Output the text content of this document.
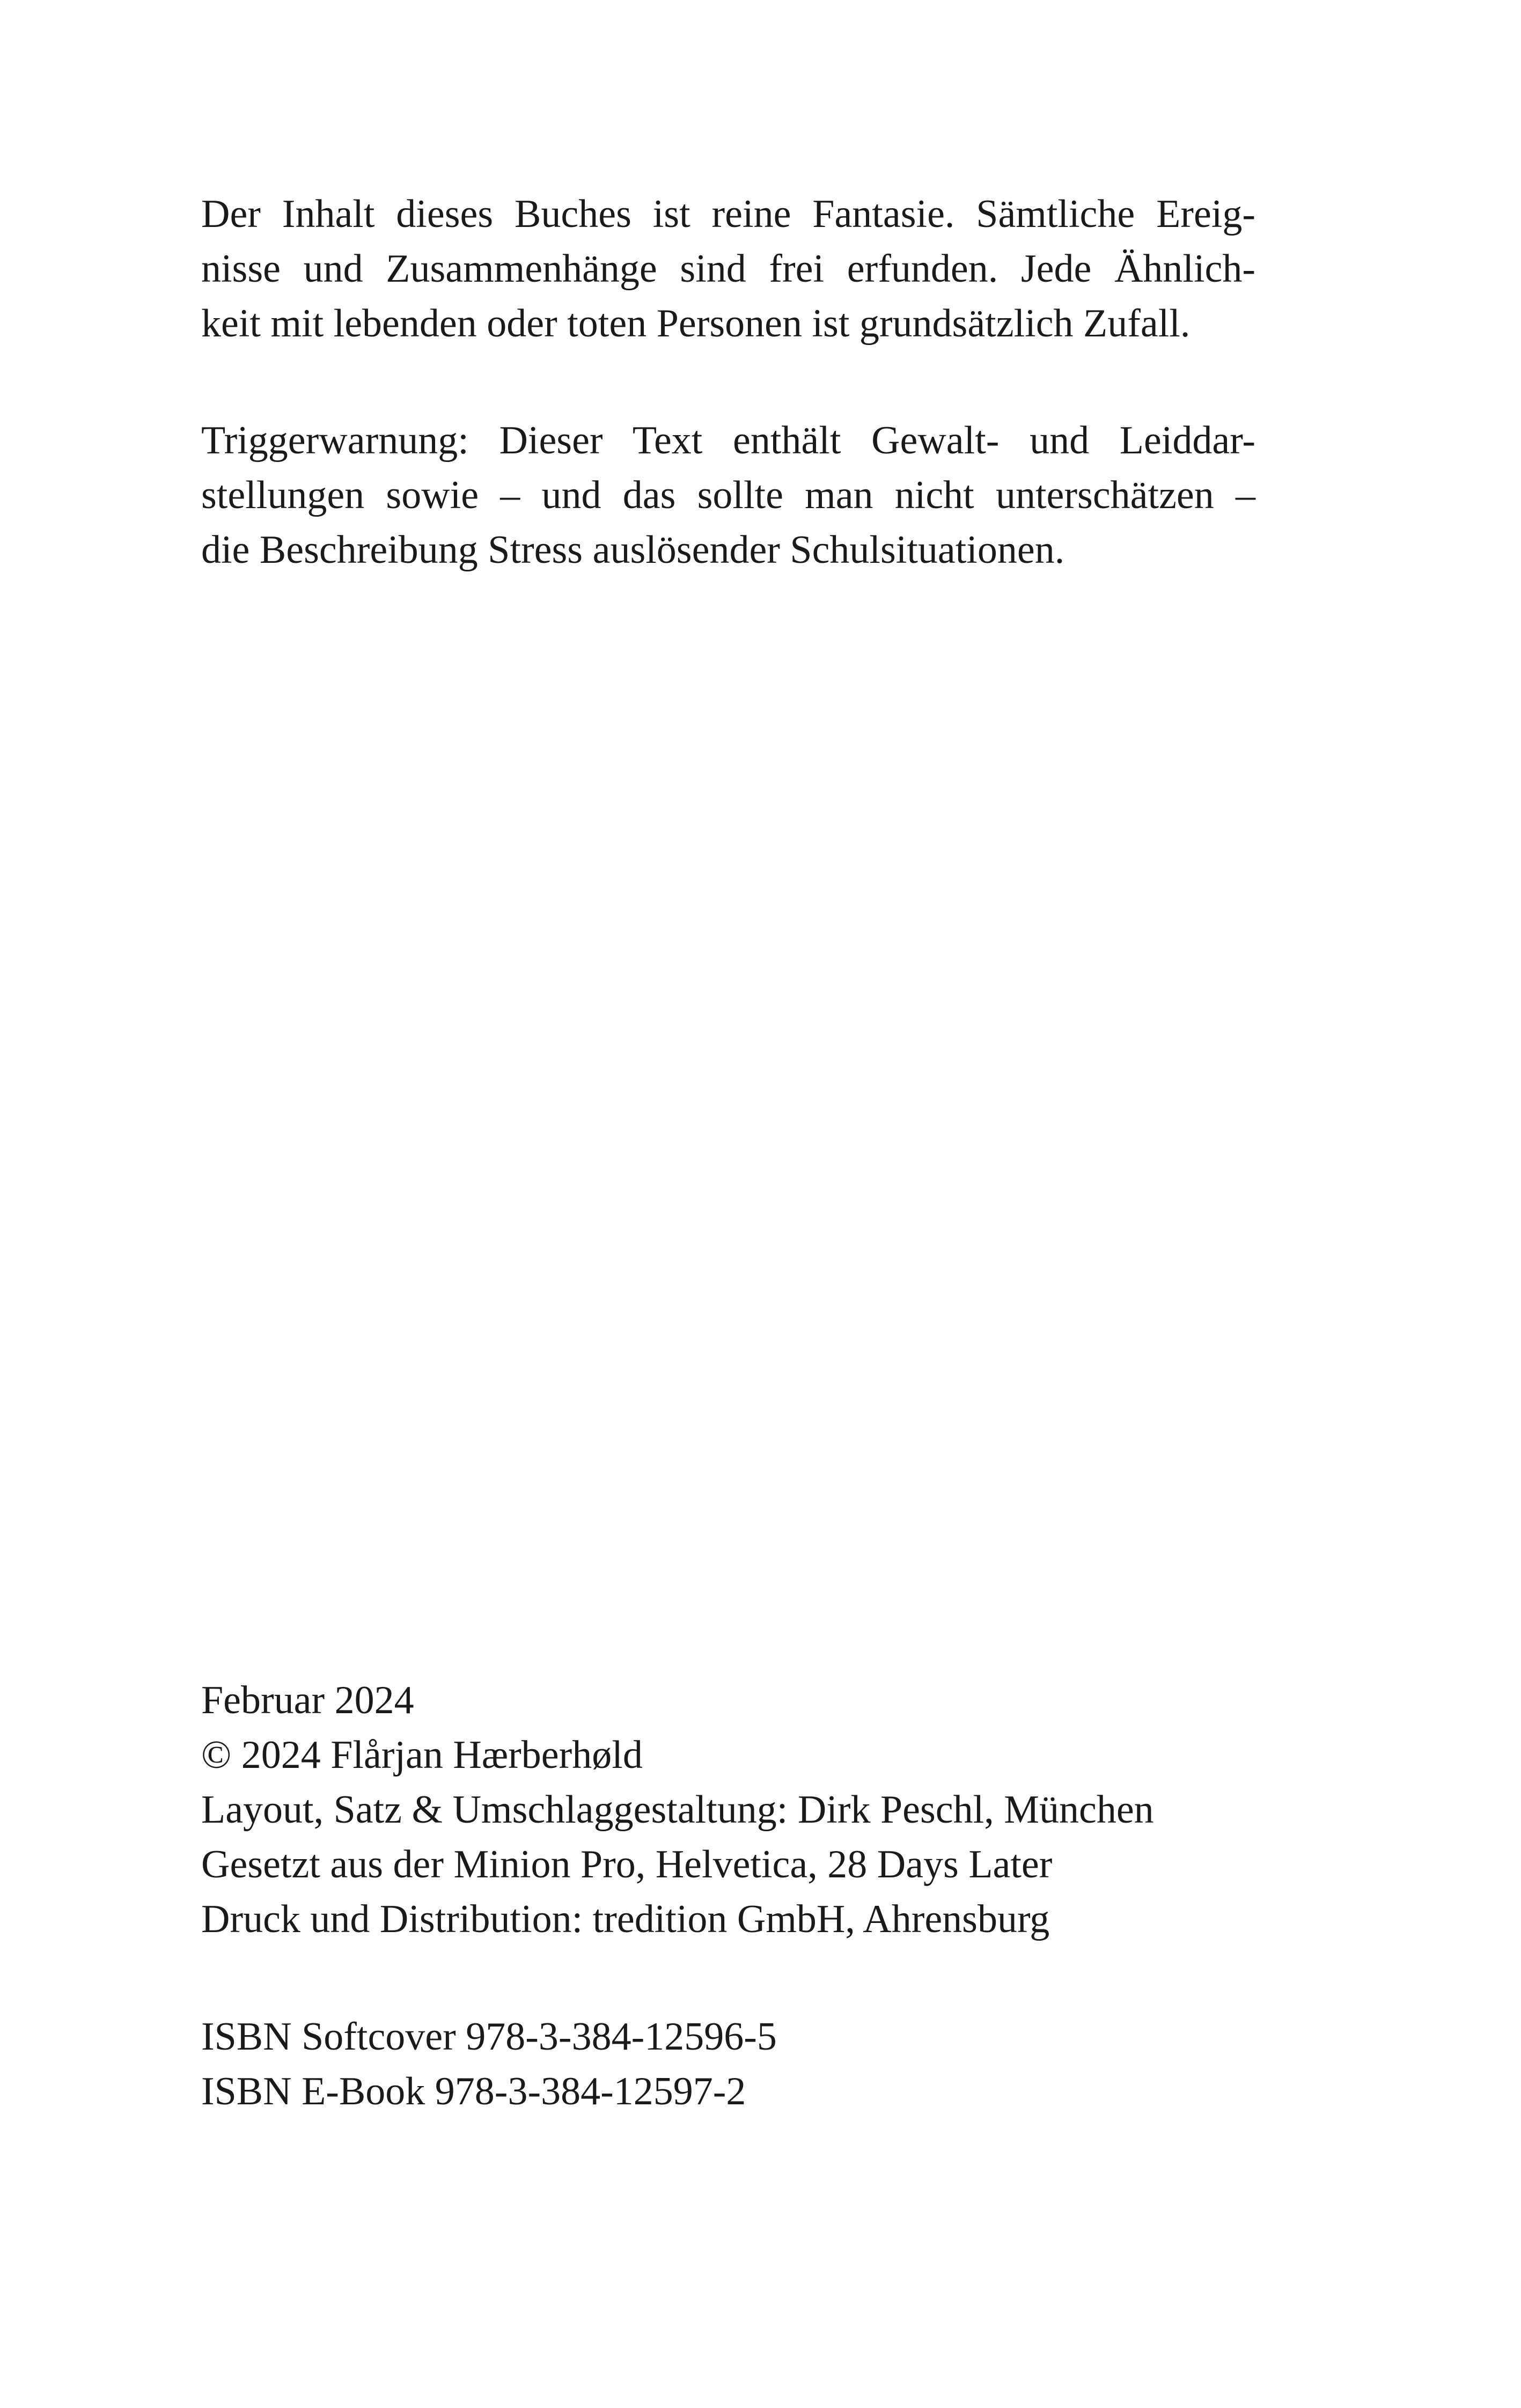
Der Inhalt dieses Buches ist reine Fantasie. Sämtliche Ereig-
nisse und Zusammenhänge sind frei erfunden. Jede Ähnlich-
keit mit lebenden oder toten Personen ist grundsätzlich Zufall.
Triggerwarnung: Dieser Text enthält Gewalt- und Leiddar-
stellungen sowie – und das sollte man nicht unterschätzen –
die Beschreibung Stress auslösender Schulsituationen.
Februar 2024
© 2024 Flårjan Hærberhøld
Layout, Satz & Umschlaggestaltung: Dirk Peschl, München
Gesetzt aus der Minion Pro, Helvetica, 28 Days Later
Druck und Distribution: tredition GmbH, Ahrensburg
ISBN Softcover 978-3-384-12596-5
ISBN E-Book 978-3-384-12597-2
